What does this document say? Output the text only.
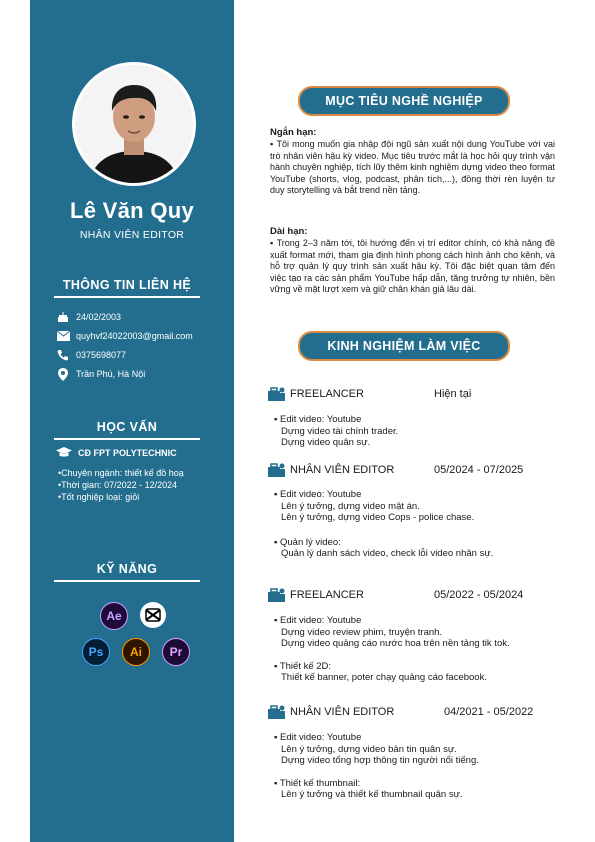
Lê Văn Quy
NHÂN VIÊN EDITOR
THÔNG TIN LIÊN HỆ
24/02/2003
quyhvf24022003@gmail.com
0375698077
Trần Phú, Hà Nội
HỌC VẤN
CĐ FPT POLYTECHNIC
•Chuyên ngành: thiết kế đồ hoạ
•Thời gian: 07/2022 - 12/2024
•Tốt nghiệp loại: giỏi
KỸ NĂNG
Ae
Ps	Ai	Pr
MỤC TIÊU NGHỀ NGHIỆP
Ngắn hạn:
▪ Tôi mong muốn gia nhập đội ngũ sản xuất nội dung YouTube với vai trò nhân viên hậu kỳ video. Mục tiêu trước mắt là học hỏi quy trình vận hành chuyên nghiệp, tích lũy thêm kinh nghiệm dựng video theo format YouTube (shorts, vlog, podcast, phân tích,...), đồng thời rèn luyện tư duy storytelling và bắt trend nền tảng.
Dài hạn:
▪ Trong 2–3 năm tới, tôi hướng đến vị trí editor chính, có khả năng đề xuất format mới, tham gia định hình phong cách hình ảnh cho kênh, và hỗ trợ quản lý quy trình sản xuất hậu kỳ. Tôi đặc biệt quan tâm đến việc tạo ra các sản phẩm YouTube hấp dẫn, tăng trưởng tự nhiên, bền vững về mặt lượt xem và giữ chân khán giả lâu dài.
KINH NGHIỆM LÀM VIỆC
FREELANCER	Hiện tại
▪ Edit video: Youtube
Dựng video tài chính trader.
Dựng video quân sự.
NHÂN VIÊN EDITOR	05/2024 - 07/2025
▪ Edit video: Youtube
Lên ý tưởng, dựng video mật án.
Lên ý tưởng, dựng video Cops - police chase.
▪ Quản lý video:
Quản lý danh sách video, check lỗi video nhân sự.
FREELANCER	05/2022 - 05/2024
▪ Edit video: Youtube
Dựng video review phim, truyện tranh.
Dựng video quảng cáo nước hoa trên nền tảng tik tok.
▪ Thiết kế 2D:
Thiết kế banner, poter chạy quảng cáo facebook.
NHÂN VIÊN EDITOR	04/2021 - 05/2022
▪ Edit video: Youtube
Lên ý tưởng, dựng video bản tin quân sự.
Dựng video tổng hợp thông tin người nổi tiếng.
▪ Thiết kế thumbnail:
Lên ý tưởng và thiết kế thumbnail quân sự.
